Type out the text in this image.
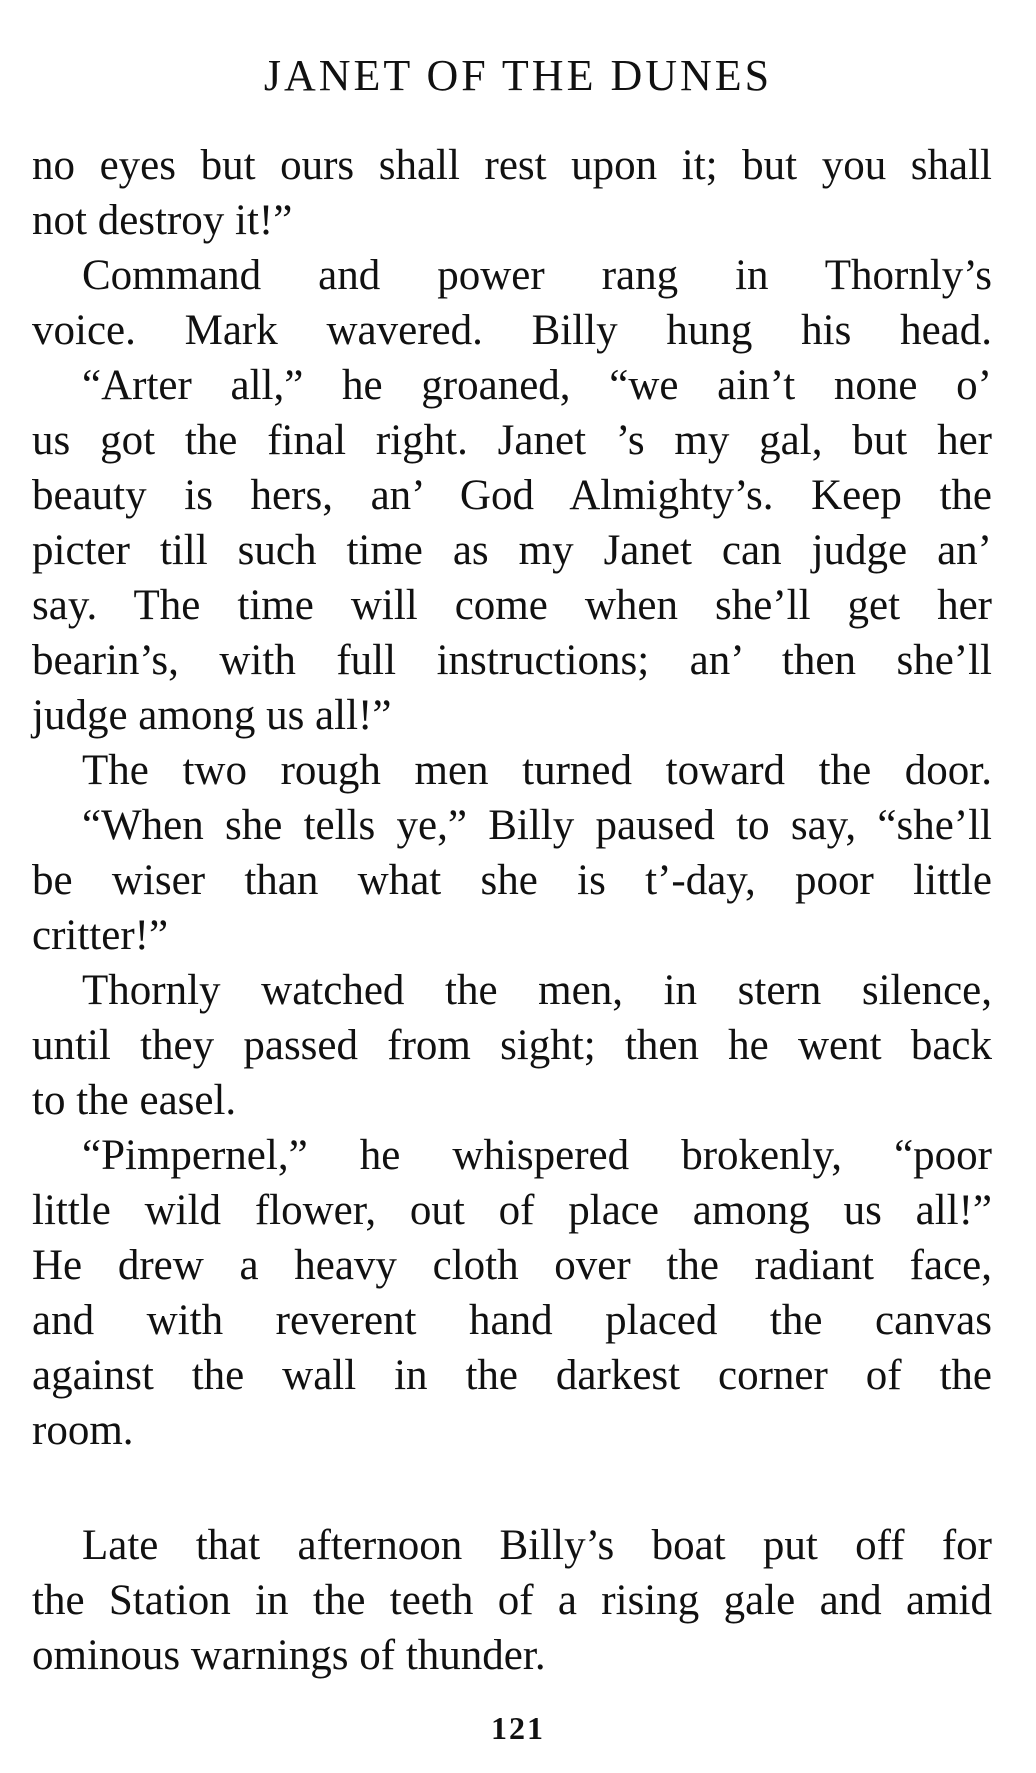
JANET OF THE DUNES
no eyes but ours shall rest upon it; but you shall
not destroy it!”
Command and power rang in Thornly’s
voice. Mark wavered. Billy hung his head.
“Arter all,” he groaned, “we ain’t none o’
us got the final right. Janet ’s my gal, but her
beauty is hers, an’ God Almighty’s. Keep the
picter till such time as my Janet can judge an’
say. The time will come when she’ll get her
bearin’s, with full instructions; an’ then she’ll
judge among us all!”
The two rough men turned toward the door.
“When she tells ye,” Billy paused to say, “she’ll
be wiser than what she is t’-day, poor little
critter!”
Thornly watched the men, in stern silence,
until they passed from sight; then he went back
to the easel.
“Pimpernel,” he whispered brokenly, “poor
little wild flower, out of place among us all!”
He drew a heavy cloth over the radiant face,
and with reverent hand placed the canvas
against the wall in the darkest corner of the
room.
Late that afternoon Billy’s boat put off for
the Station in the teeth of a rising gale and amid
ominous warnings of thunder.
121
